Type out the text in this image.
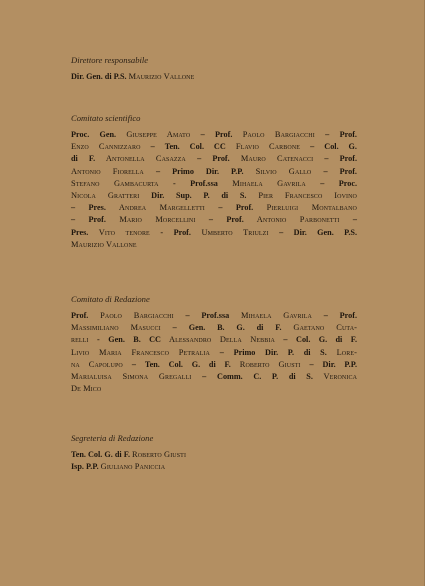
Direttore responsabile
Dir. Gen. di P.S. Maurizio Vallone
Comitato scientifico
Proc. Gen. Giuseppe Amato – Prof. Paolo Bargiacchi – Prof.
Enzo Cannizzaro – Ten. Col. CC Flavio Carbone – Col. G.
di F. Antonella Casazza – Prof. Mauro Catenacci – Prof.
Antonio Fiorella – Primo Dir. P.P. Silvio Gallo – Prof.
Stefano Gambacurta - Prof.ssa Mihaela Gavrila – Proc.
Nicola Gratteri Dir. Sup. P. di S. Pier Francesco Iovino
– Pres. Andrea Margelletti – Prof. Pierluigi Montalbano
– Prof. Mario Morcellini – Prof. Antonio Parbonetti –
Pres. Vito tenore - Prof. Umberto Triulzi – Dir. Gen. P.S.
Maurizio Vallone
Comitato di Redazione
Prof. Paolo Bargiacchi – Prof.ssa Mihaela Gavrila – Prof.
Massimiliano Masucci – Gen. B. G. di F. Gaetano Cuta-
relli - Gen. B. CC Alessandro Della Nebbia – Col. G. di F.
Livio Maria Francesco Petralia – Primo Dir. P. di S. Lore-
na Capolupo – Ten. Col. G. di F. Roberto Giusti – Dir. P.P.
Marialuisa Simona Gregalli – Comm. C. P. di S. Veronica
De Mico
Segreteria di Redazione
Ten. Col. G. di F. Roberto Giusti
Isp. P.P. Giuliano Paniccia
